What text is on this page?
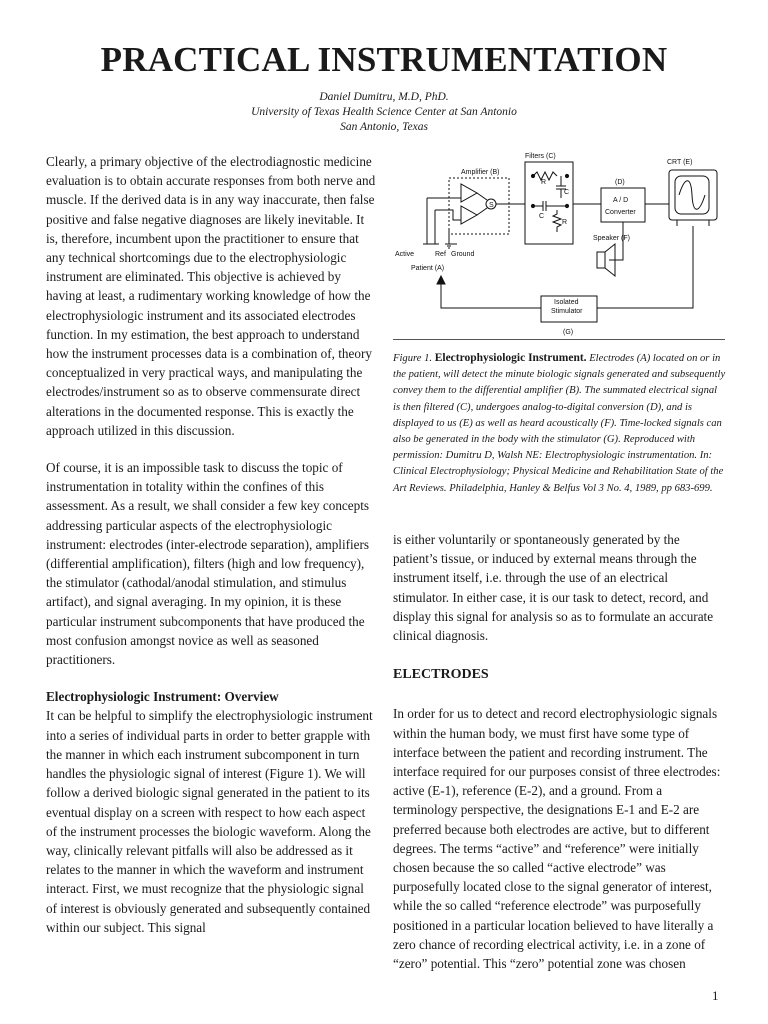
PRACTICAL INSTRUMENTATION
Daniel Dumitru, M.D, PhD.
University of Texas Health Science Center at San Antonio
San Antonio, Texas

Clearly, a primary objective of the electrodiagnostic medicine evaluation is to obtain accurate responses from both nerve and muscle. If the derived data is in any way inaccurate, then false positive and false negative diagnoses are likely inevitable. It is, therefore, incumbent upon the practitioner to ensure that any technical shortcomings due to the electrophysiologic instrument are eliminated. This objective is achieved by having at least, a rudimentary working knowledge of how the electrophysiologic instrument and its associated electrodes function. In my estimation, the best approach to understand how the instrument processes data is a combination of, theory conceptualized in very practical ways, and manipulating the electrodes/instrument so as to observe commensurate direct alterations in the documented response. This is exactly the approach utilized in this discussion.

Of course, it is an impossible task to discuss the topic of instrumentation in totality within the confines of this assessment. As a result, we shall consider a few key concepts addressing particular aspects of the electrophysiologic instrument: electrodes (inter-electrode separation), amplifiers (differential amplification), filters (high and low frequency), the stimulator (cathodal/anodal stimulation, and stimulus artifact), and signal averaging. In my opinion, it is these particular instrument subcomponents that have produced the most confusion amongst novice as well as seasoned practitioners.

Electrophysiologic Instrument: Overview

It can be helpful to simplify the electrophysiologic instrument into a series of individual parts in order to better grapple with the manner in which each instrument subcomponent in turn handles the physiologic signal of interest (Figure 1). We will follow a derived biologic signal generated in the patient to its eventual display on a screen with respect to how each aspect of the instrument processes the biologic waveform. Along the way, clinically relevant pitfalls will also be addressed as it relates to the manner in which the waveform and instrument interact. First, we must recognize that the physiologic signal of interest is obviously generated and subsequently contained within our subject. This signal

Filters (C)
Amplifier (B)
R
C
C
R
S
(D)
A / D
Converter
CRT (E)
Speaker (F)
Active	Ref Ground
Patient (A)
Isolated
Stimulator
(G)
Figure 1. Electrophysiologic Instrument. Electrodes (A) located on or in the patient, will detect the minute biologic signals generated and subsequently convey them to the differential amplifier (B). The summated electrical signal is then filtered (C), undergoes analog-to-digital conversion (D), and is displayed to us (E) as well as heard acoustically (F). Time-locked signals can also be generated in the body with the stimulator (G). Reproduced with permission: Dumitru D, Walsh NE: Electrophysiologic instrumentation. In: Clinical Electrophysiology; Physical Medicine and Rehabilitation State of the Art Reviews. Philadelphia, Hanley & Belfus Vol 3 No. 4, 1989, pp 683-699.

is either voluntarily or spontaneously generated by the patient’s tissue, or induced by external means through the instrument itself, i.e. through the use of an electrical stimulator. In either case, it is our task to detect, record, and display this signal for analysis so as to formulate an accurate clinical diagnosis.

ELECTRODES

In order for us to detect and record electrophysiologic signals within the human body, we must first have some type of interface between the patient and recording instrument. The interface required for our purposes consist of three electrodes: active (E-1), reference (E-2), and a ground. From a terminology perspective, the designations E-1 and E-2 are preferred because both electrodes are active, but to different degrees. The terms “active” and “reference” were initially chosen because the so called “active electrode” was purposefully located close to the signal generator of interest, while the so called “reference electrode” was purposefully positioned in a particular location believed to have literally a zero chance of recording electrical activity, i.e. in a zone of “zero” potential. This “zero” potential zone was chosen

1
